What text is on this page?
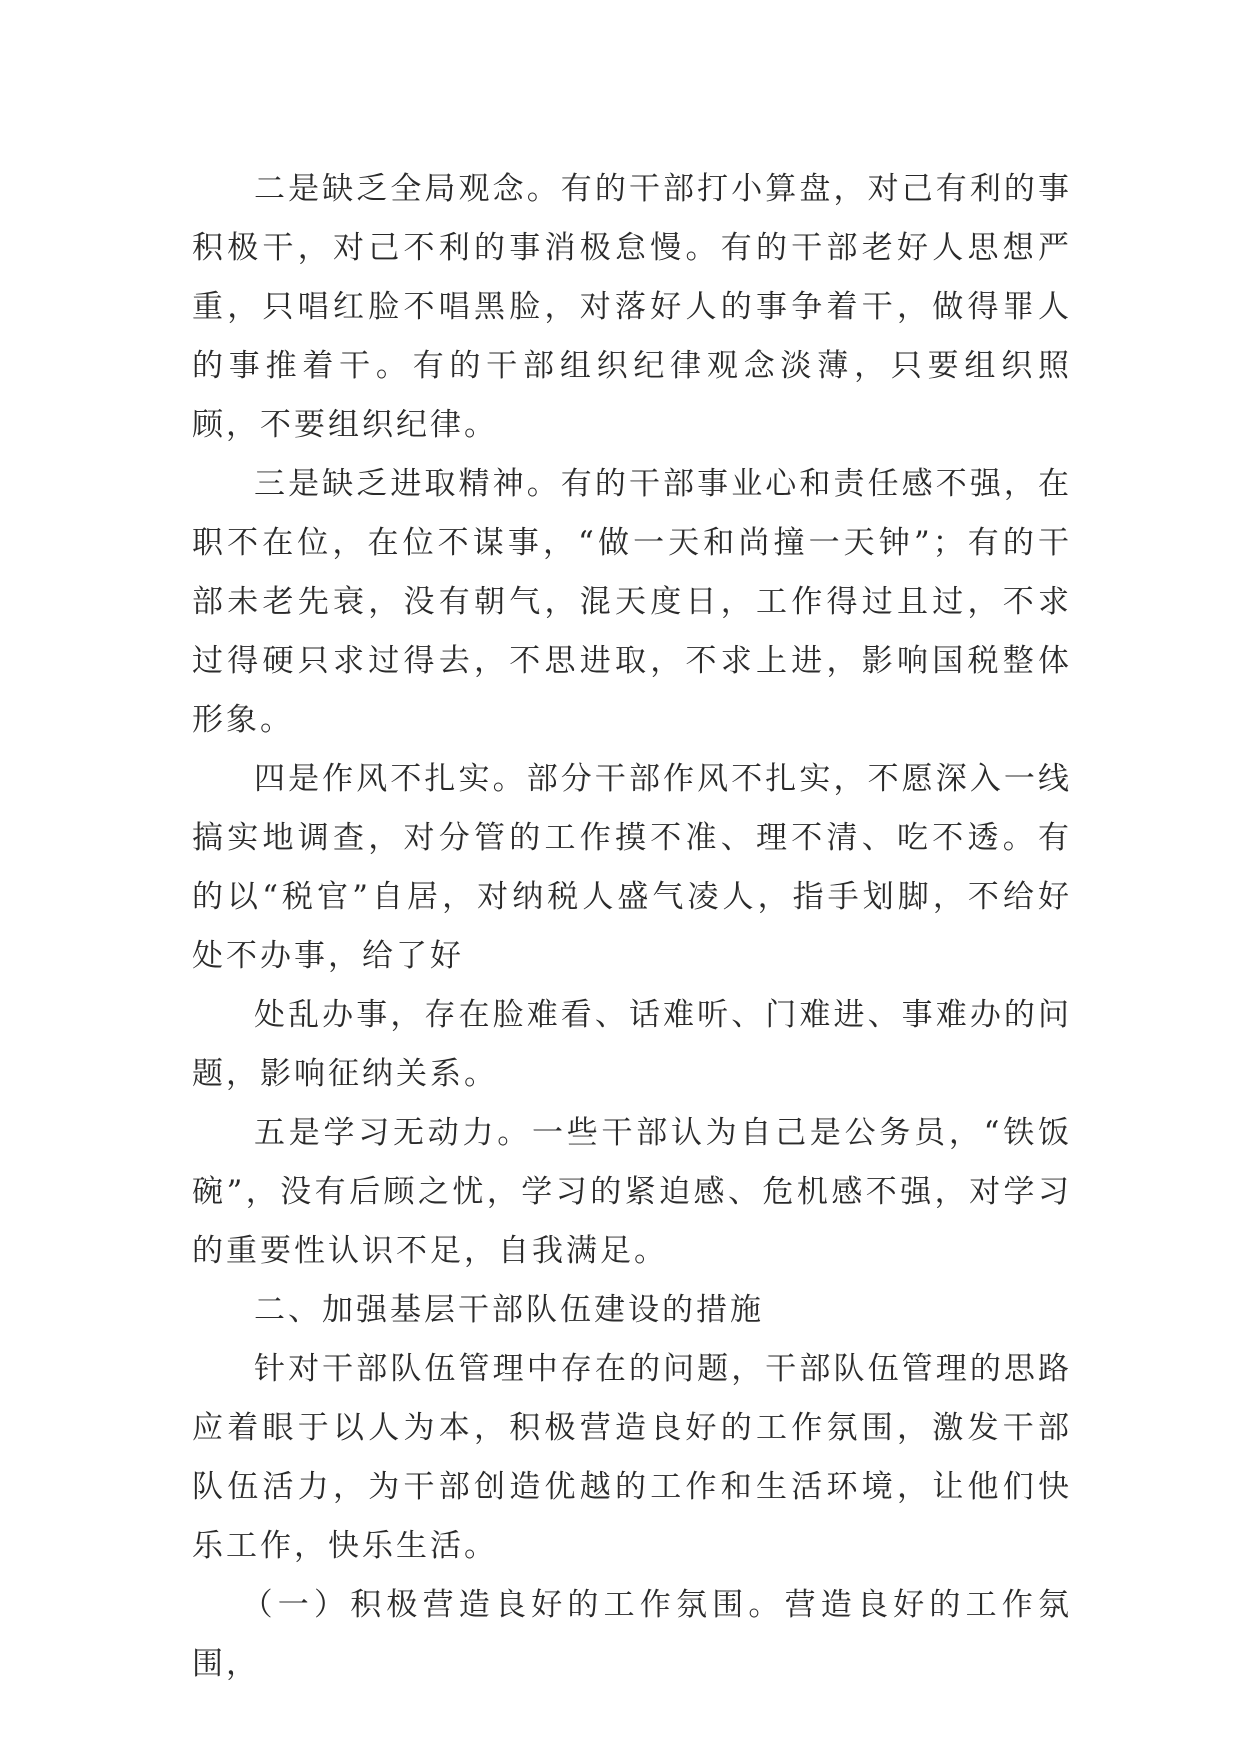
二是缺乏全局观念。有的干部打小算盘，对己有利的事积极干，对己不利的事消极怠慢。有的干部老好人思想严重，只唱红脸不唱黑脸，对落好人的事争着干，做得罪人的事推着干。有的干部组织纪律观念淡薄，只要组织照顾，不要组织纪律。

三是缺乏进取精神。有的干部事业心和责任感不强，在职不在位，在位不谋事，“做一天和尚撞一天钟”；有的干部未老先衰，没有朝气，混天度日，工作得过且过，不求过得硬只求过得去，不思进取，不求上进，影响国税整体形象。

四是作风不扎实。部分干部作风不扎实，不愿深入一线搞实地调查，对分管的工作摸不准、理不清、吃不透。有的以“税官”自居，对纳税人盛气凌人，指手划脚，不给好处不办事，给了好

处乱办事，存在脸难看、话难听、门难进、事难办的问题，影响征纳关系。

五是学习无动力。一些干部认为自己是公务员，“铁饭碗”，没有后顾之忧，学习的紧迫感、危机感不强，对学习的重要性认识不足，自我满足。

二、加强基层干部队伍建设的措施

针对干部队伍管理中存在的问题，干部队伍管理的思路应着眼于以人为本，积极营造良好的工作氛围，激发干部队伍活力，为干部创造优越的工作和生活环境，让他们快乐工作，快乐生活。

（一）积极营造良好的工作氛围。营造良好的工作氛围，
